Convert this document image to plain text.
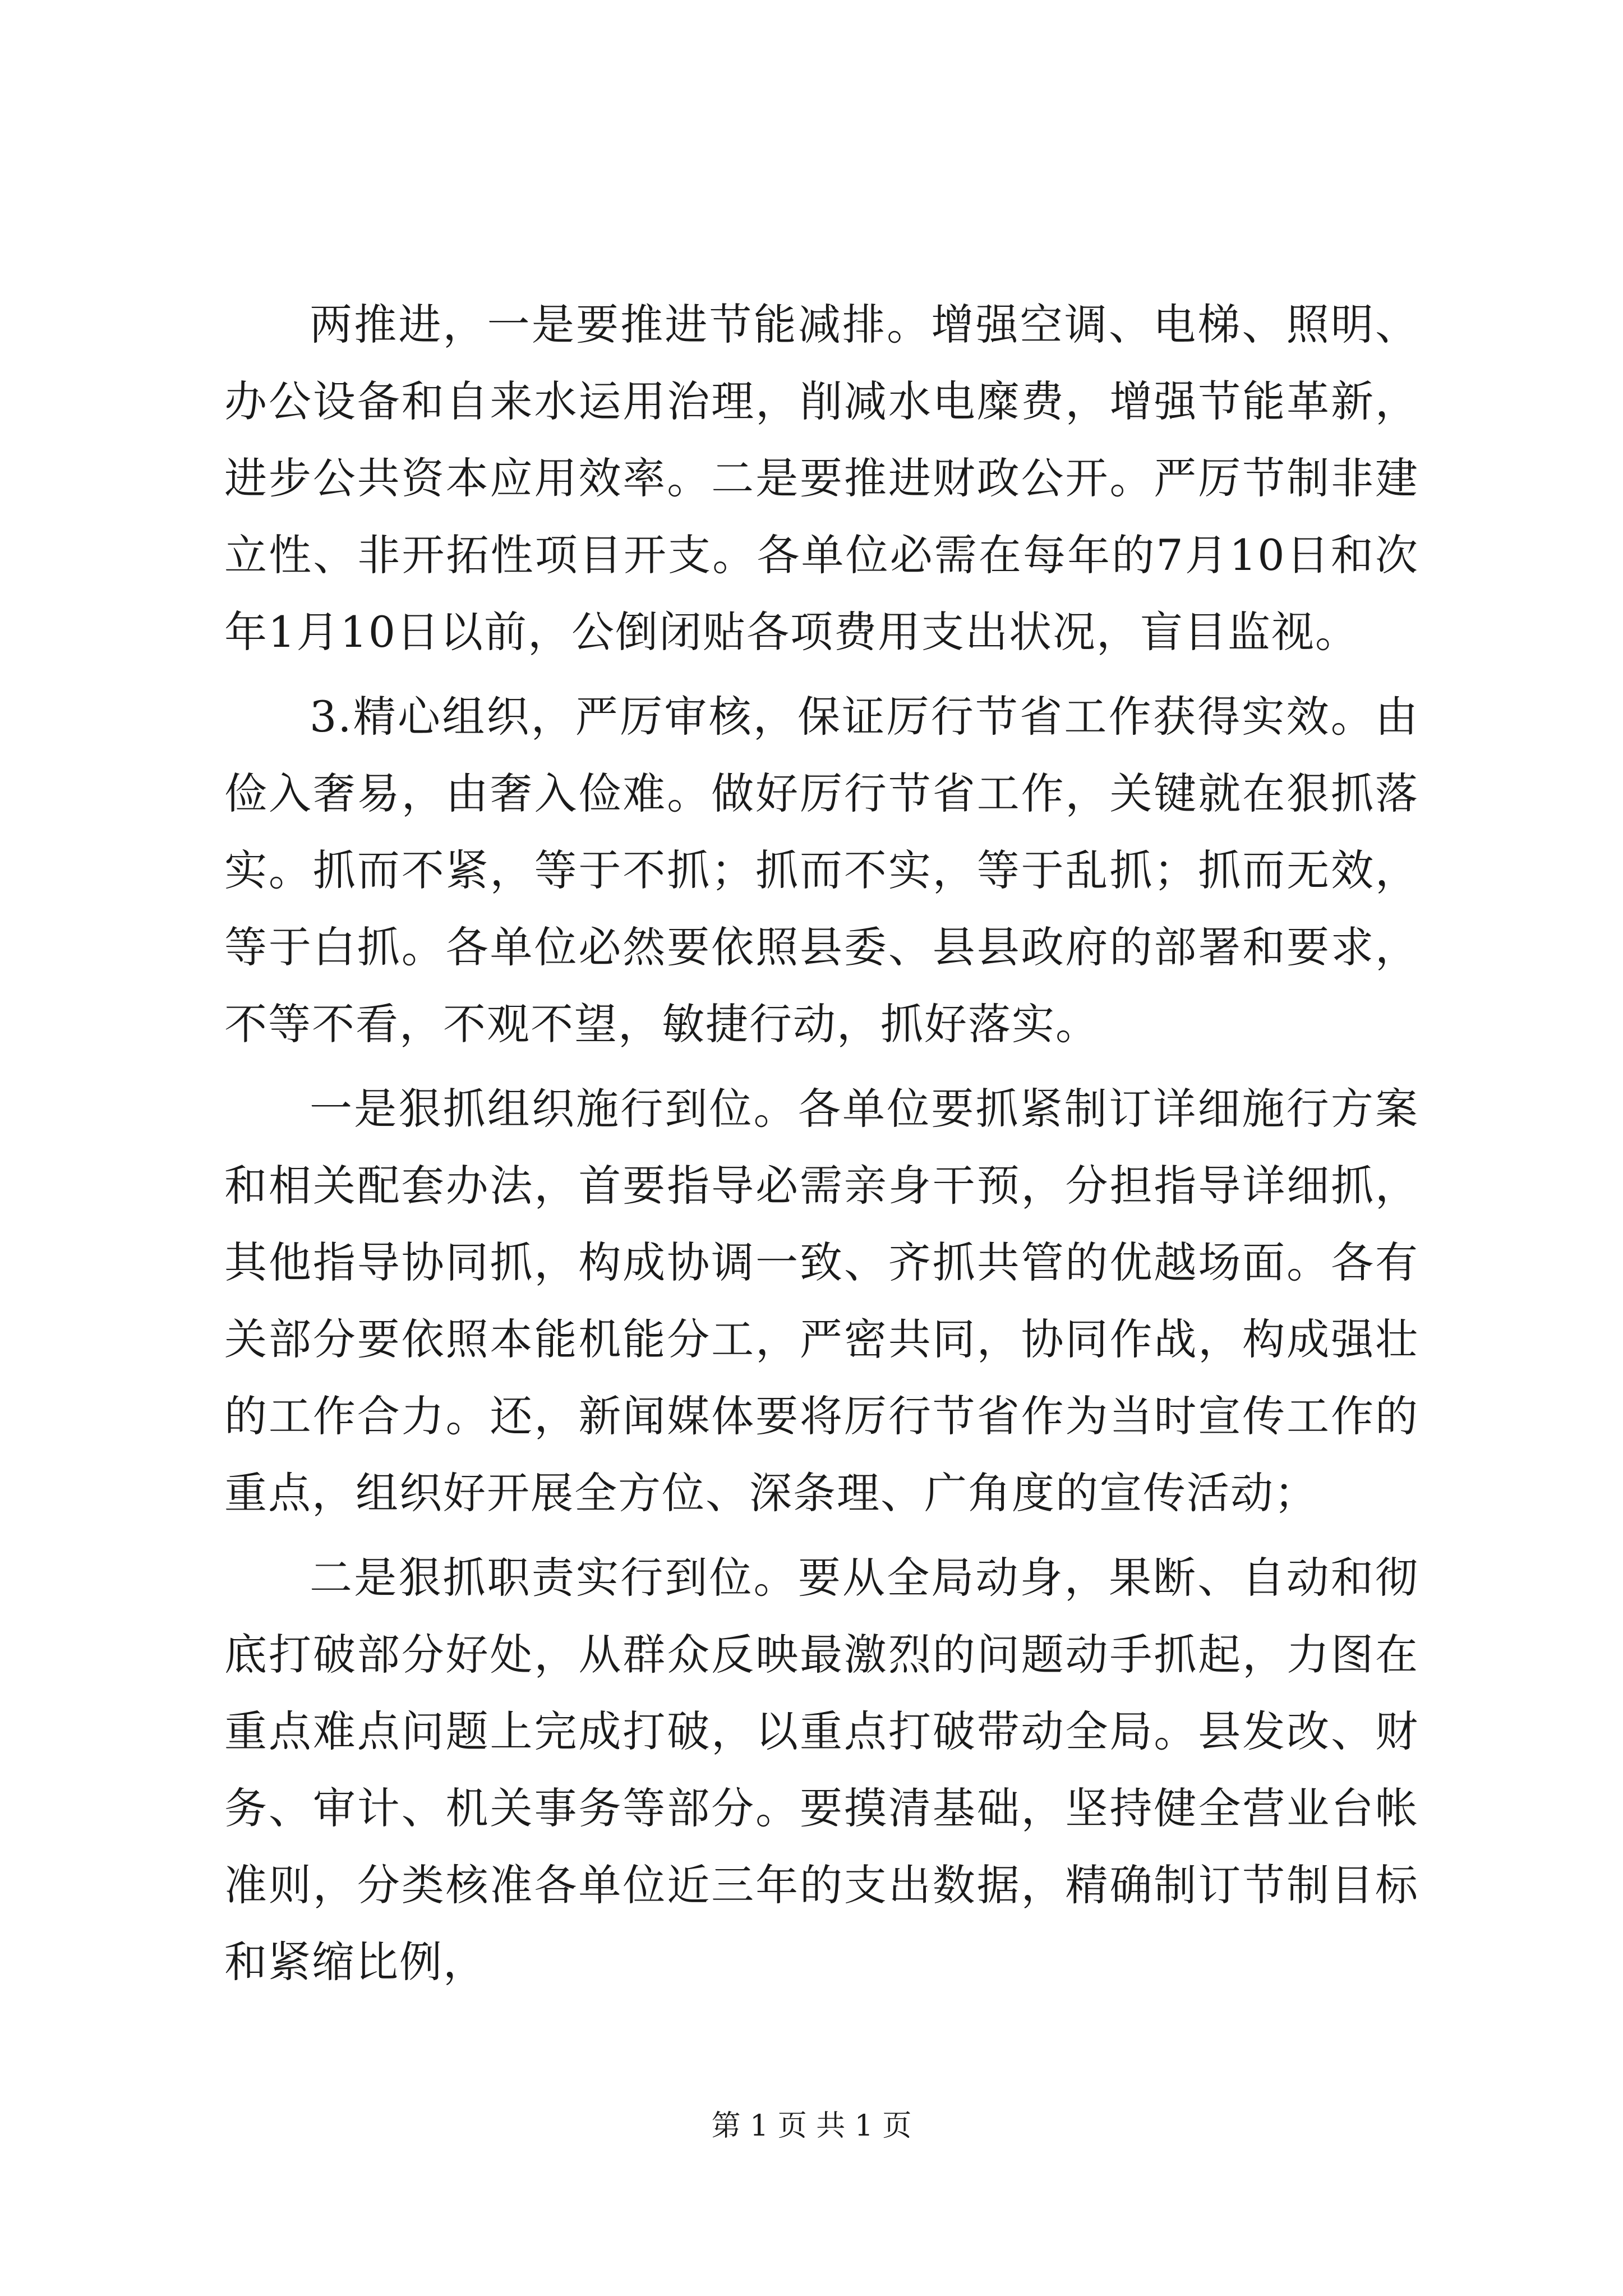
两推进，一是要推进节能减排。增强空调、电梯、照明、办公设备和自来水运用治理，削减水电糜费，增强节能革新，进步公共资本应用效率。二是要推进财政公开。严厉节制非建立性、非开拓性项目开支。各单位必需在每年的7月10日和次年1月10日以前，公倒闭贴各项费用支出状况，盲目监视。

3.精心组织，严厉审核，保证厉行节省工作获得实效。由俭入奢易，由奢入俭难。做好厉行节省工作，关键就在狠抓落实。抓而不紧，等于不抓；抓而不实，等于乱抓；抓而无效，等于白抓。各单位必然要依照县委、县县政府的部署和要求，不等不看，不观不望，敏捷行动，抓好落实。

一是狠抓组织施行到位。各单位要抓紧制订详细施行方案和相关配套办法，首要指导必需亲身干预，分担指导详细抓，其他指导协同抓，构成协调一致、齐抓共管的优越场面。各有关部分要依照本能机能分工，严密共同，协同作战，构成强壮的工作合力。还，新闻媒体要将厉行节省作为当时宣传工作的重点，组织好开展全方位、深条理、广角度的宣传活动；

二是狠抓职责实行到位。要从全局动身，果断、自动和彻底打破部分好处，从群众反映最激烈的问题动手抓起，力图在重点难点问题上完成打破，以重点打破带动全局。县发改、财务、审计、机关事务等部分。要摸清基础，坚持健全营业台帐准则，分类核准各单位近三年的支出数据，精确制订节制目标和紧缩比例，

第 1 页 共 1 页
